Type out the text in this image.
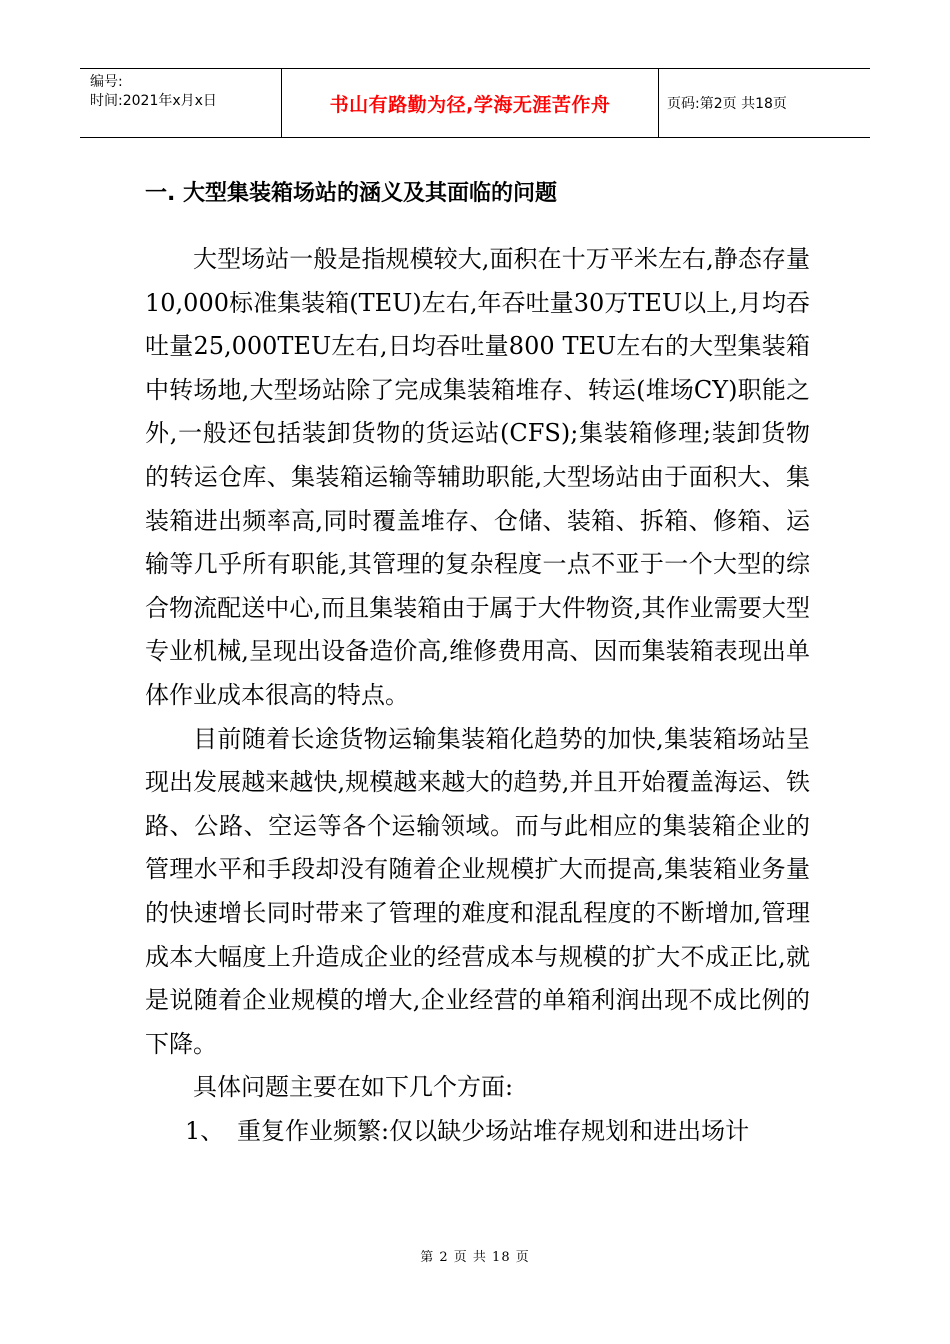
编号:
时间:2021年x月x日	书山有路勤为径,学海无涯苦作舟	页码:第2页 共18页
一. 大型集装箱场站的涵义及其面临的问题

大型场站一般是指规模较大,面积在十万平米左右,静态存量10,000标准集装箱(TEU)左右,年吞吐量30万TEU以上,月均吞吐量25,000TEU左右,日均吞吐量800 TEU左右的大型集装箱中转场地,大型场站除了完成集装箱堆存、转运(堆场CY)职能之外,一般还包括装卸货物的货运站(CFS);集装箱修理;装卸货物的转运仓库、集装箱运输等辅助职能,大型场站由于面积大、集装箱进出频率高,同时覆盖堆存、仓储、装箱、拆箱、修箱、运输等几乎所有职能,其管理的复杂程度一点不亚于一个大型的综合物流配送中心,而且集装箱由于属于大件物资,其作业需要大型专业机械,呈现出设备造价高,维修费用高、因而集装箱表现出单体作业成本很高的特点。

目前随着长途货物运输集装箱化趋势的加快,集装箱场站呈现出发展越来越快,规模越来越大的趋势,并且开始覆盖海运、铁路、公路、空运等各个运输领域。而与此相应的集装箱企业的管理水平和手段却没有随着企业规模扩大而提高,集装箱业务量的快速增长同时带来了管理的难度和混乱程度的不断增加,管理成本大幅度上升造成企业的经营成本与规模的扩大不成正比,就是说随着企业规模的增大,企业经营的单箱利润出现不成比例的下降。

具体问题主要在如下几个方面:

1、 重复作业频繁:仅以缺少场站堆存规划和进出场计
第 2 页 共 18 页
